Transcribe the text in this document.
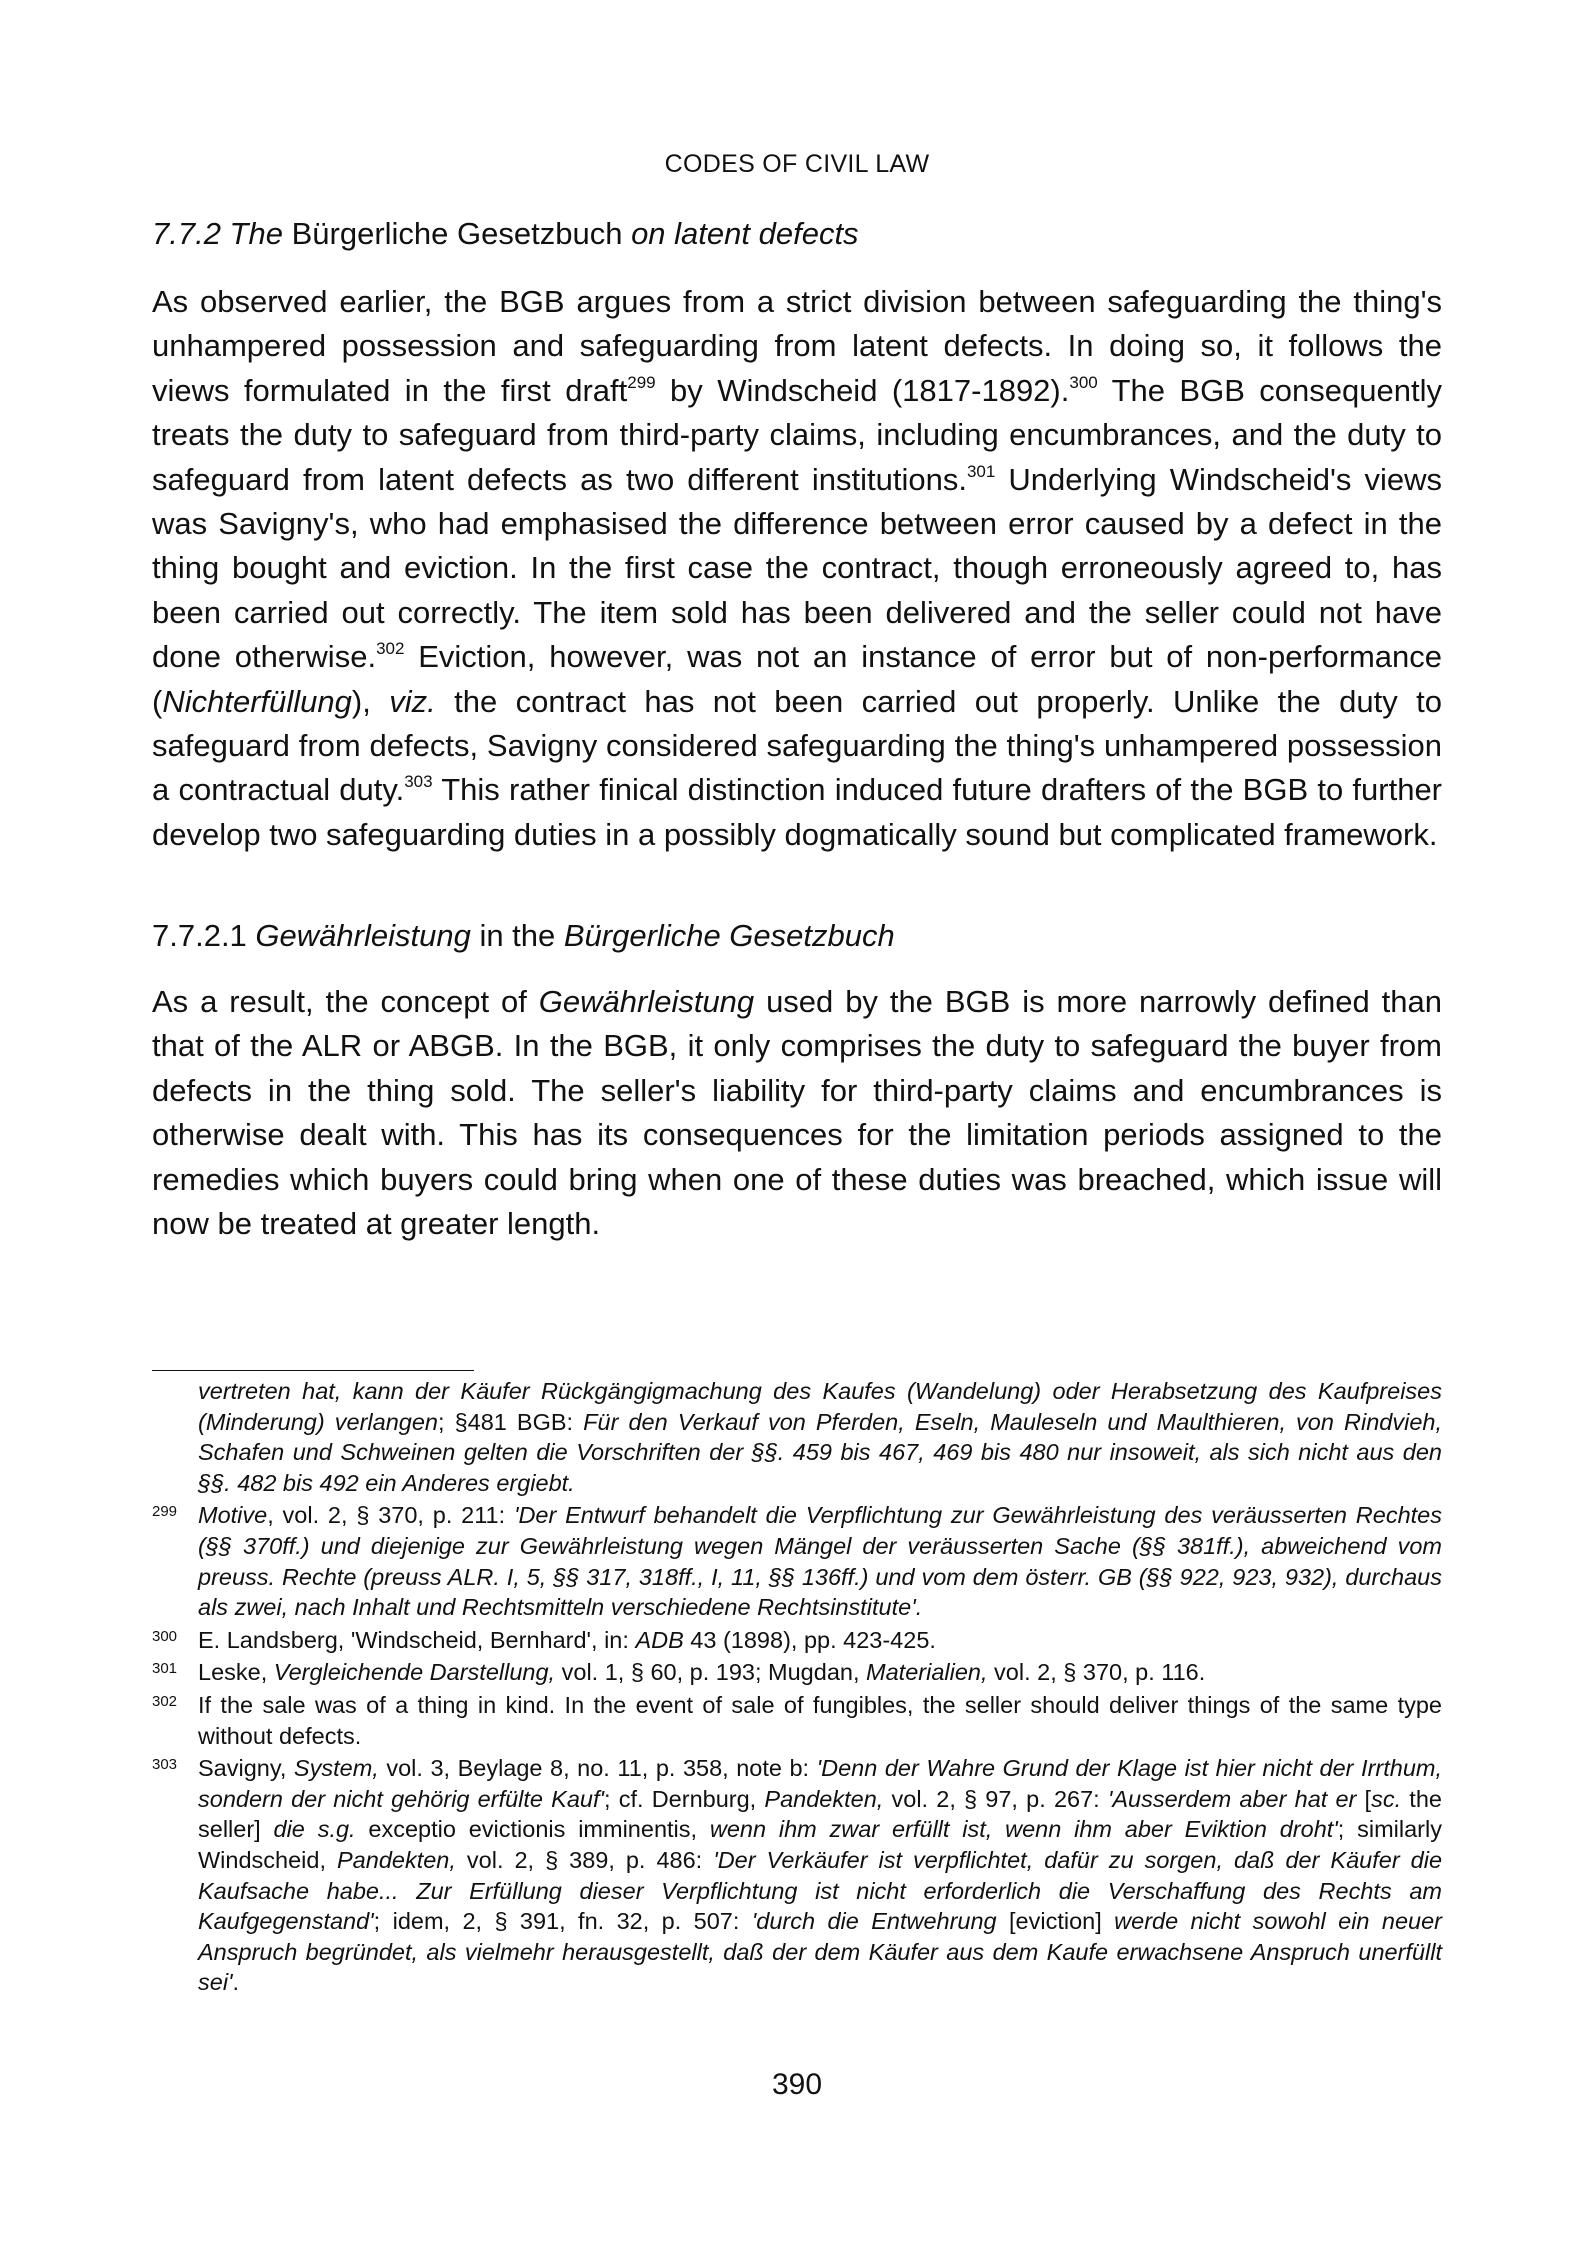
CODES OF CIVIL LAW
7.7.2 The Bürgerliche Gesetzbuch on latent defects
As observed earlier, the BGB argues from a strict division between safeguarding the thing's unhampered possession and safeguarding from latent defects. In doing so, it follows the views formulated in the first draft$^{299}$ by Windscheid (1817-1892).$^{300}$ The BGB consequently treats the duty to safeguard from third-party claims, including encumbrances, and the duty to safeguard from latent defects as two different institutions.$^{301}$ Underlying Windscheid's views was Savigny's, who had emphasised the difference between error caused by a defect in the thing bought and eviction. In the first case the contract, though erroneously agreed to, has been carried out correctly. The item sold has been delivered and the seller could not have done otherwise.$^{302}$ Eviction, however, was not an instance of error but of non-performance (Nichterfüllung), viz. the contract has not been carried out properly. Unlike the duty to safeguard from defects, Savigny considered safeguarding the thing's unhampered possession a contractual duty.$^{303}$ This rather finical distinction induced future drafters of the BGB to further develop two safeguarding duties in a possibly dogmatically sound but complicated framework.
7.7.2.1 Gewährleistung in the Bürgerliche Gesetzbuch
As a result, the concept of Gewährleistung used by the BGB is more narrowly defined than that of the ALR or ABGB. In the BGB, it only comprises the duty to safeguard the buyer from defects in the thing sold. The seller's liability for third-party claims and encumbrances is otherwise dealt with. This has its consequences for the limitation periods assigned to the remedies which buyers could bring when one of these duties was breached, which issue will now be treated at greater length.
vertreten hat, kann der Käufer Rückgängigmachung des Kaufes (Wandelung) oder Herabsetzung des Kaufpreises (Minderung) verlangen; §481 BGB: Für den Verkauf von Pferden, Eseln, Mauleseln und Maulthieren, von Rindvieh, Schafen und Schweinen gelten die Vorschriften der §§. 459 bis 467, 469 bis 480 nur insoweit, als sich nicht aus den §§. 482 bis 492 ein Anderes ergiebt.
299 Motive, vol. 2, § 370, p. 211: 'Der Entwurf behandelt die Verpflichtung zur Gewährleistung des veräusserten Rechtes (§§ 370ff.) und diejenige zur Gewährleistung wegen Mängel der veräusserten Sache (§§ 381ff.), abweichend vom preuss. Rechte (preuss ALR. I, 5, §§ 317, 318ff., I, 11, §§ 136ff.) und vom dem österr. GB (§§ 922, 923, 932), durchaus als zwei, nach Inhalt und Rechtsmitteln verschiedene Rechtsinstitute'.
300 E. Landsberg, 'Windscheid, Bernhard', in: ADB 43 (1898), pp. 423-425.
301 Leske, Vergleichende Darstellung, vol. 1, § 60, p. 193; Mugdan, Materialien, vol. 2, § 370, p. 116.
302 If the sale was of a thing in kind. In the event of sale of fungibles, the seller should deliver things of the same type without defects.
303 Savigny, System, vol. 3, Beylage 8, no. 11, p. 358, note b: 'Denn der Wahre Grund der Klage ist hier nicht der Irrthum, sondern der nicht gehörig erfülte Kauf'; cf. Dernburg, Pandekten, vol. 2, § 97, p. 267: 'Ausserdem aber hat er [sc. the seller] die s.g. exceptio evictionis imminentis, wenn ihm zwar erfüllt ist, wenn ihm aber Eviktion droht'; similarly Windscheid, Pandekten, vol. 2, § 389, p. 486: 'Der Verkäufer ist verpflichtet, dafür zu sorgen, daß der Käufer die Kaufsache habe... Zur Erfüllung dieser Verpflichtung ist nicht erforderlich die Verschaffung des Rechts am Kaufgegenstand'; idem, 2, § 391, fn. 32, p. 507: 'durch die Entwehrung [eviction] werde nicht sowohl ein neuer Anspruch begründet, als vielmehr herausgestellt, daß der dem Käufer aus dem Kaufe erwachsene Anspruch unerfüllt sei'.
390
